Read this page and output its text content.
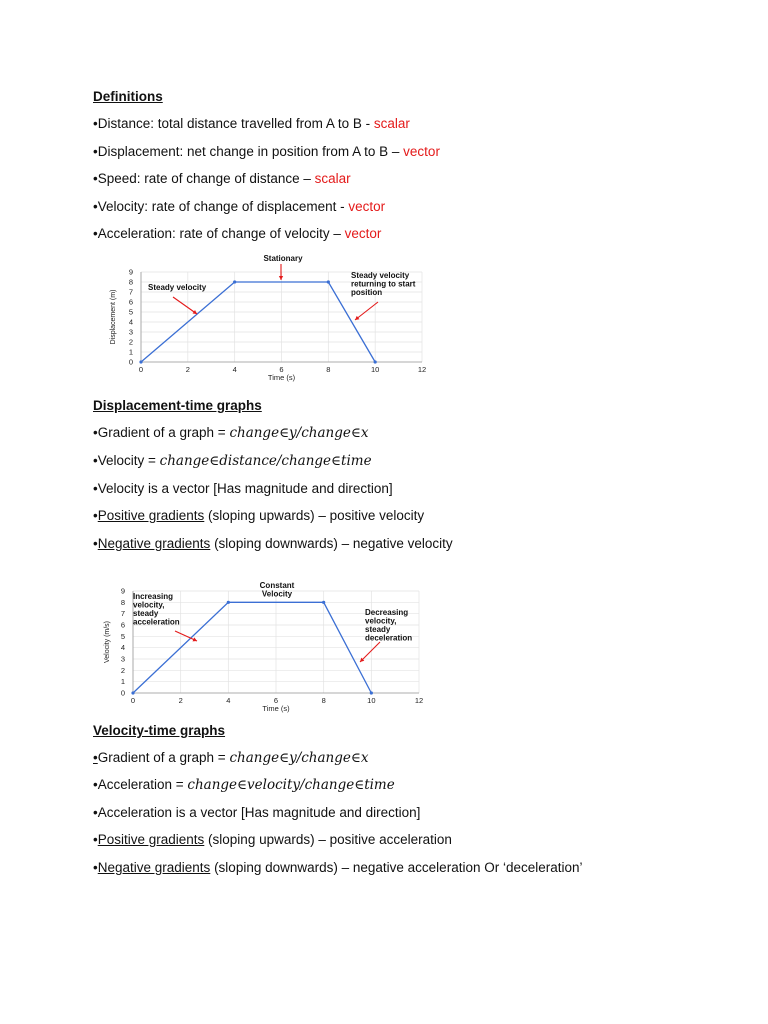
Definitions
•Distance: total distance travelled from A to B - scalar
•Displacement: net change in position from A to B – vector
•Speed: rate of change of distance – scalar
•Velocity: rate of change of displacement - vector
•Acceleration: rate of change of velocity – vector
0
1
2
3
4
5
6
7
8
9
0	2	4	6	8	10	12
Time (s)
Displacement (m)
Stationary
Steady velocity
Steady velocity returning to start position
Displacement-time graphs
•Gradient of a graph = change∈y/change∈x
•Velocity = change∈distance/change∈time
•Velocity is a vector [Has magnitude and direction]
•Positive gradients (sloping upwards) – positive velocity
•Negative gradients (sloping downwards) – negative velocity
0
1
2
3
4
5
6
7
8
9
0	2	4	6	8	10	12
Time (s)
Velocity (m/s)
Constant Velocity
Increasing velocity, steady acceleration
Decreasing velocity, steady deceleration
Velocity-time graphs
•Gradient of a graph = change∈y/change∈x
•Acceleration = change∈velocity/change∈time
•Acceleration is a vector [Has magnitude and direction]
•Positive gradients (sloping upwards) – positive acceleration
•Negative gradients (sloping downwards) – negative acceleration Or ‘deceleration’
